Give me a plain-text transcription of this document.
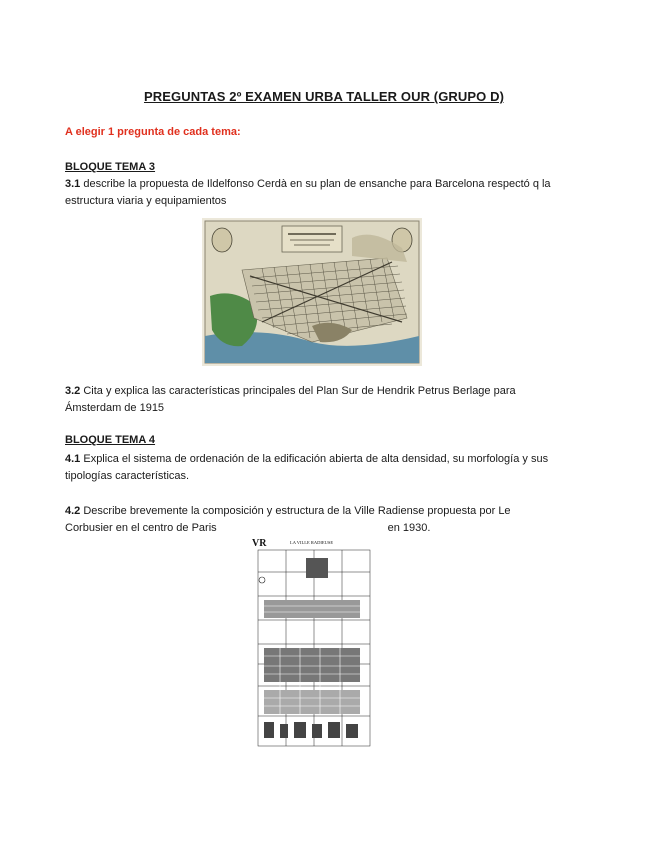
PREGUNTAS 2º EXAMEN URBA TALLER OUR (GRUPO D)
A elegir 1 pregunta de cada tema:
BLOQUE TEMA 3
3.1 describe la propuesta de Ildelfonso Cerdà en su plan de ensanche para Barcelona respectó q la
estructura viaria y equipamientos
3.2 Cita y explica las características principales del Plan Sur de Hendrik Petrus Berlage para
Ámsterdam de 1915
BLOQUE TEMA 4
4.1 Explica el sistema de ordenación de la edificación abierta de alta densidad, su morfología y sus
tipologías características.
4.2 Describe brevemente la composición y estructura de la Ville Radiense propuesta por Le
Corbusier en el centro de Paris	en 1930.
VR	LA VILLE RADIEUSE
